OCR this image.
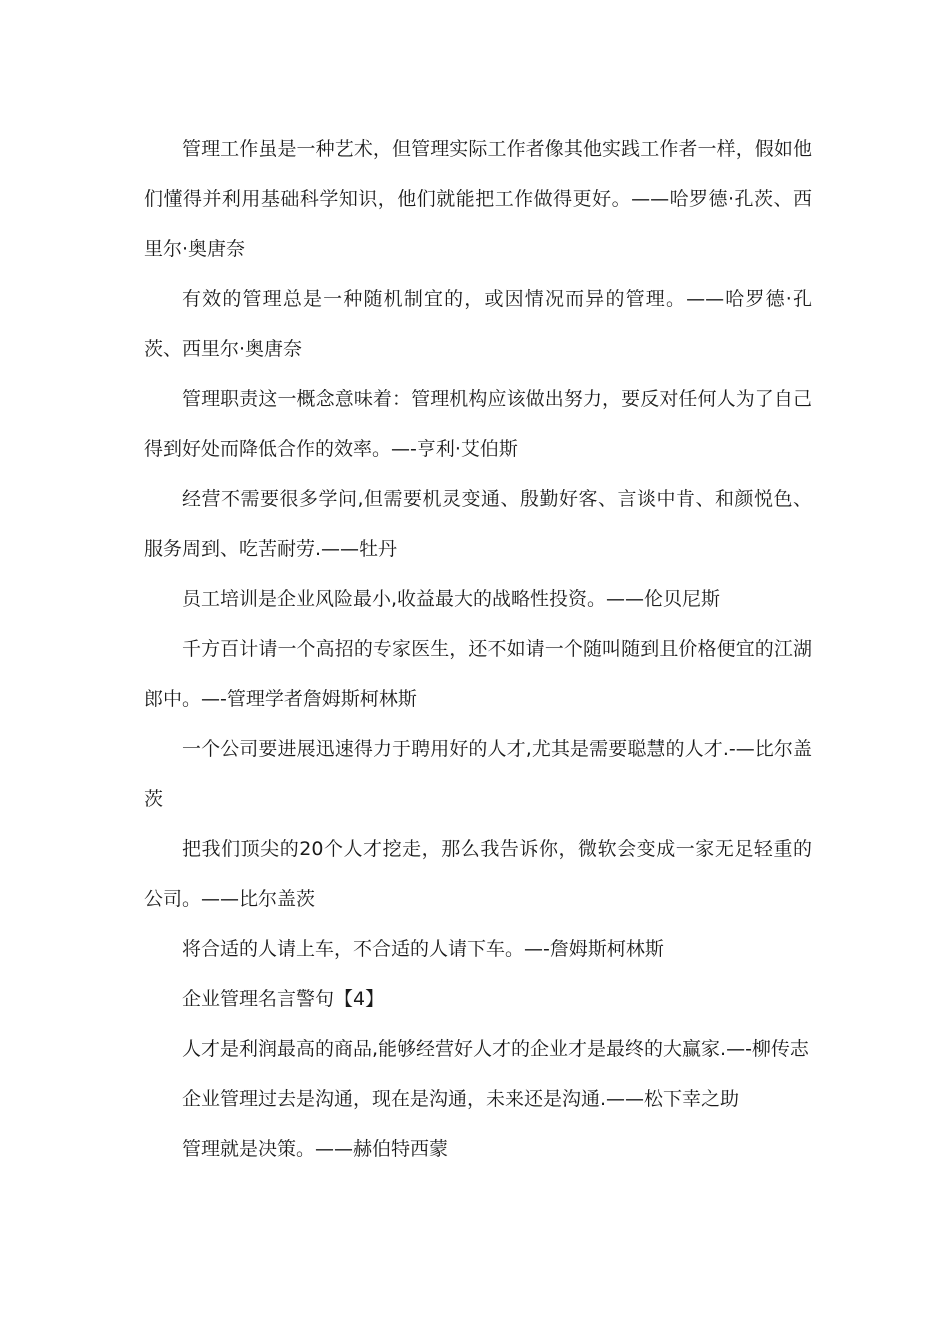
管理工作虽是一种艺术，但管理实际工作者像其他实践工作者一样，假如他们懂得并利用基础科学知识，他们就能把工作做得更好。——哈罗德·孔茨、西里尔·奥唐奈

有效的管理总是一种随机制宜的，或因情况而异的管理。——哈罗德·孔茨、西里尔·奥唐奈

管理职责这一概念意味着：管理机构应该做出努力，要反对任何人为了自己得到好处而降低合作的效率。—-亨利·艾伯斯

经营不需要很多学问,但需要机灵变通、殷勤好客、言谈中肯、和颜悦色、服务周到、吃苦耐劳.——牡丹

员工培训是企业风险最小,收益最大的战略性投资。——伦贝尼斯

千方百计请一个高招的专家医生，还不如请一个随叫随到且价格便宜的江湖郎中。—-管理学者詹姆斯柯林斯

一个公司要进展迅速得力于聘用好的人才,尤其是需要聪慧的人才.-—比尔盖茨

把我们顶尖的20个人才挖走，那么我告诉你，微软会变成一家无足轻重的公司。——比尔盖茨

将合适的人请上车，不合适的人请下车。—-詹姆斯柯林斯

企业管理名言警句【4】

人才是利润最高的商品,能够经营好人才的企业才是最终的大赢家.—-柳传志

企业管理过去是沟通，现在是沟通，未来还是沟通.——松下幸之助

管理就是决策。——赫伯特西蒙
